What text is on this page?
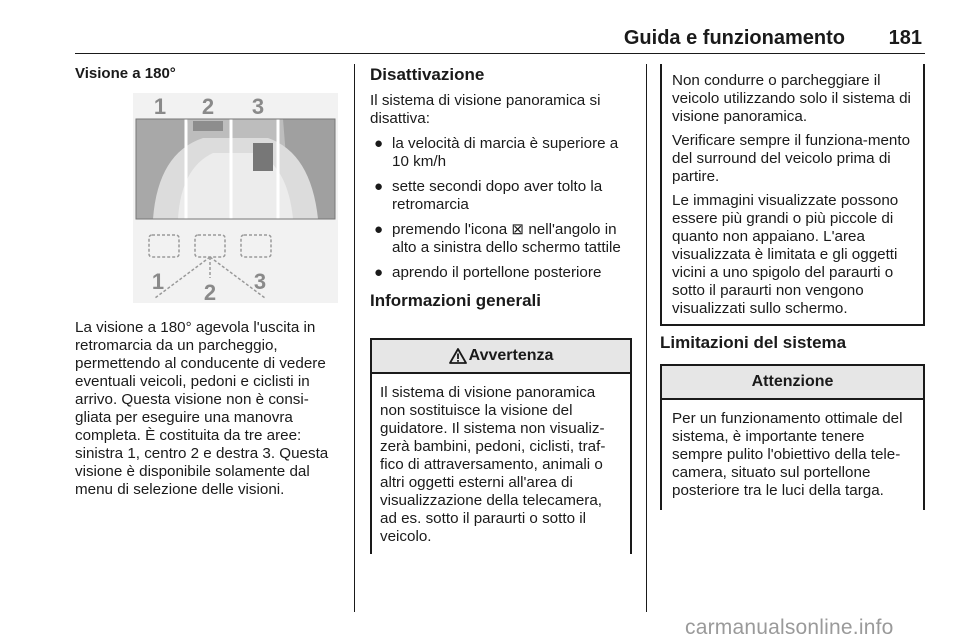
Guida e funzionamento	181
Visione a 180°
1 2 3
1 2 3
La visione a 180° agevola l'uscita in retromarcia da un parcheggio, permettendo al conducente di vedere eventuali veicoli, pedoni e ciclisti in arrivo. Questa visione non è consi-gliata per eseguire una manovra completa. È costituita da tre aree: sinistra 1, centro 2 e destra 3. Questa visione è disponibile solamente dal menu di selezione delle visioni.
Disattivazione
Il sistema di visione panoramica si disattiva:
● la velocità di marcia è superiore a 10 km/h
● sette secondi dopo aver tolto la retromarcia
● premendo l'icona ⊠ nell'angolo in alto a sinistra dello schermo tattile
● aprendo il portellone posteriore
Informazioni generali
Avvertenza
Il sistema di visione panoramica non sostituisce la visione del guidatore. Il sistema non visualiz-zerà bambini, pedoni, ciclisti, traf-fico di attraversamento, animali o altri oggetti esterni all'area di visualizzazione della telecamera, ad es. sotto il paraurti o sotto il veicolo.

Non condurre o parcheggiare il veicolo utilizzando solo il sistema di visione panoramica.

Verificare sempre il funziona-mento del surround del veicolo prima di partire.

Le immagini visualizzate possono essere più grandi o più piccole di quanto non appaiano. L'area visualizzata è limitata e gli oggetti vicini a uno spigolo del paraurti o sotto il paraurti non vengono visualizzati sullo schermo.

Limitazioni del sistema
Attenzione
Per un funzionamento ottimale del sistema, è importante tenere sempre pulito l'obiettivo della tele-camera, situato sul portellone posteriore tra le luci della targa.
carmanualsonline.info
